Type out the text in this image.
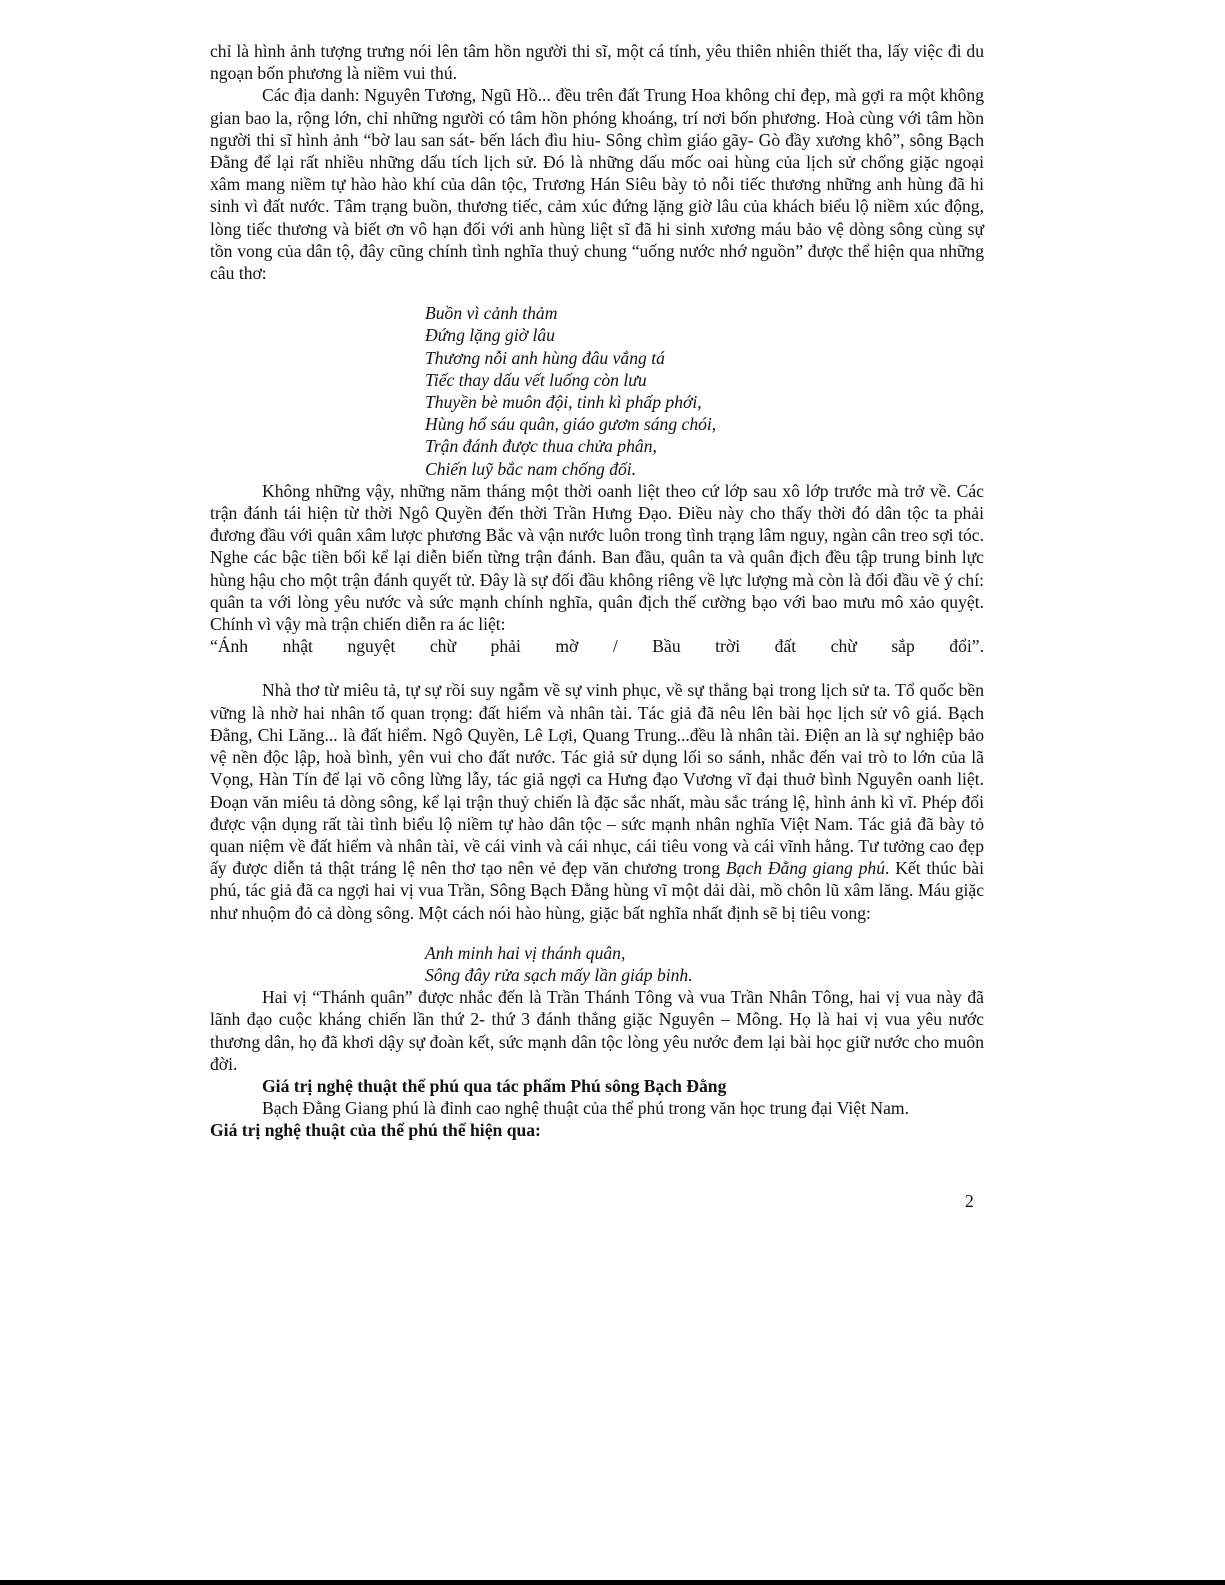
chỉ là hình ảnh tượng trưng nói lên tâm hồn người thi sĩ, một cá tính, yêu thiên nhiên thiết tha, lấy việc đi du ngoạn bốn phương là niềm vui thú.

Các địa danh: Nguyên Tương, Ngũ Hồ... đều trên đất Trung Hoa không chỉ đẹp, mà gợi ra một không gian bao la, rộng lớn, chỉ những người có tâm hồn phóng khoáng, trí nơi bốn phương. Hoà cùng với tâm hồn người thi sĩ hình ảnh “bờ lau san sát- bến lách đìu hiu- Sông chìm giáo gãy- Gò đầy xương khô”, sông Bạch Đằng để lại rất nhiều những dấu tích lịch sử. Đó là những dấu mốc oai hùng của lịch sử chống giặc ngoại xâm mang niềm tự hào hào khí của dân tộc, Trương Hán Siêu bày tỏ nỗi tiếc thương những anh hùng đã hi sinh vì đất nước. Tâm trạng buồn, thương tiếc, cảm xúc đứng lặng giờ lâu của khách biểu lộ niềm xúc động, lòng tiếc thương và biết ơn vô hạn đối với anh hùng liệt sĩ đã hi sinh xương máu bảo vệ dòng sông cùng sự tồn vong của dân tộ, đây cũng chính tình nghĩa thuỷ chung “uống nước nhớ nguồn” được thể hiện qua những câu thơ:

Buồn vì cảnh thảm
Đứng lặng giờ lâu
Thương nỗi anh hùng đâu vắng tá
Tiếc thay dấu vết luống còn lưu
Thuyền bè muôn đội, tinh kì phấp phới,
Hùng hổ sáu quân, giáo gươm sáng chói,
Trận đánh được thua chửa phân,
Chiến luỹ bắc nam chống đối.

Không những vậy, những năm tháng một thời oanh liệt theo cứ lớp sau xô lớp trước mà trở về. Các trận đánh tái hiện từ thời Ngô Quyền đến thời Trần Hưng Đạo. Điều này cho thấy thời đó dân tộc ta phải đương đầu với quân xâm lược phương Bắc và vận nước luôn trong tình trạng lâm nguy, ngàn cân treo sợi tóc. Nghe các bậc tiền bối kể lại diễn biến từng trận đánh. Ban đầu, quân ta và quân địch đều tập trung binh lực hùng hậu cho một trận đánh quyết tử. Đây là sự đối đầu không riêng về lực lượng mà còn là đối đầu về ý chí: quân ta với lòng yêu nước và sức mạnh chính nghĩa, quân địch thế cường bạo với bao mưu mô xảo quyệt. Chính vì vậy mà trận chiến diễn ra ác liệt:

“Ánh nhật nguyệt chừ phải mờ / Bầu trời đất chừ sắp đổi”.

Nhà thơ từ miêu tả, tự sự rồi suy ngẫm về sự vinh phục, về sự thắng bại trong lịch sử ta. Tổ quốc bền vững là nhờ hai nhân tố quan trọng: đất hiểm và nhân tài. Tác giả đã nêu lên bài học lịch sử vô giá. Bạch Đằng, Chi Lăng... là đất hiểm. Ngô Quyền, Lê Lợi, Quang Trung...đều là nhân tài. Điện an là sự nghiệp bảo vệ nền độc lập, hoà bình, yên vui cho đất nước. Tác giả sử dụng lối so sánh, nhắc đến vai trò to lớn của lã Vọng, Hàn Tín để lại võ công lừng lẫy, tác giả ngợi ca Hưng đạo Vương vĩ đại thuở bình Nguyên oanh liệt. Đoạn văn miêu tả dòng sông, kể lại trận thuỷ chiến là đặc sắc nhất, màu sắc tráng lệ, hình ảnh kì vĩ. Phép đối được vận dụng rất tài tình biểu lộ niềm tự hào dân tộc – sức mạnh nhân nghĩa Việt Nam. Tác giả đã bày tỏ quan niệm về đất hiểm và nhân tài, về cái vinh và cái nhục, cái tiêu vong và cái vĩnh hằng. Tư tưởng cao đẹp ấy được diễn tả thật tráng lệ nên thơ tạo nên vẻ đẹp văn chương trong Bạch Đằng giang phú. Kết thúc bài phú, tác giả đã ca ngợi hai vị vua Trần, Sông Bạch Đằng hùng vĩ một dải dài, mồ chôn lũ xâm lăng. Máu giặc như nhuộm đỏ cả dòng sông. Một cách nói hào hùng, giặc bất nghĩa nhất định sẽ bị tiêu vong:

Anh minh hai vị thánh quân,
Sông đây rửa sạch mấy lần giáp binh.

Hai vị “Thánh quân” được nhắc đến là Trần Thánh Tông và vua Trần Nhân Tông, hai vị vua này đã lãnh đạo cuộc kháng chiến lần thứ 2- thứ 3 đánh thắng giặc Nguyên – Mông. Họ là hai vị vua yêu nước thương dân, họ đã khơi dậy sự đoàn kết, sức mạnh dân tộc lòng yêu nước đem lại bài học giữ nước cho muôn đời.

Giá trị nghệ thuật thể phú qua tác phẩm Phú sông Bạch Đằng

Bạch Đằng Giang phú là đỉnh cao nghệ thuật của thể phú trong văn học trung đại Việt Nam.

Giá trị nghệ thuật của thể phú thể hiện qua:

2
